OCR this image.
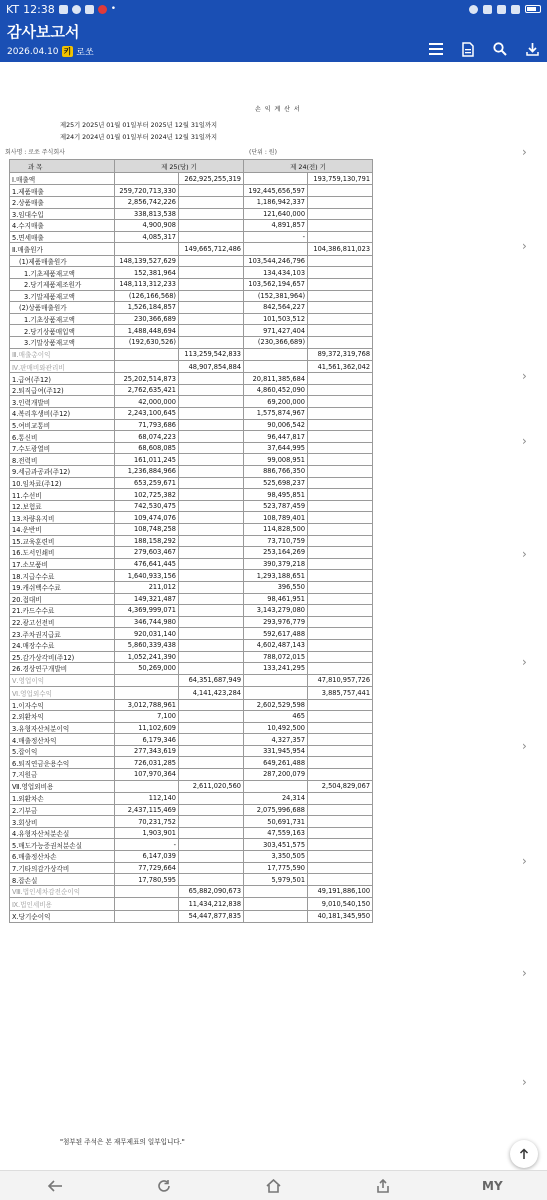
KT 12:38	•
감사보고서
2026.04.10 키 로쏘
손 익 계 산 서
제25기 2025년 01월 01일부터 2025년 12월 31일까지
제24기 2024년 01월 01일부터 2024년 12월 31일까지
회사명 : 로쏘 주식회사	(단위 : 원)
과 목	제 25(당) 기		제 24(전) 기	
Ⅰ.매출액		262,925,255,319		193,759,130,791
1.제품매출	259,720,713,330		192,445,656,597	
2.상품매출	2,856,742,226		1,186,942,337	
3.임대수입	338,813,538		121,640,000	
4.수지매출	4,900,908		4,891,857	
5.면세매출	4,085,317		-	
Ⅱ.매출원가		149,665,712,486		104,386,811,023
(1)제품매출원가	148,139,527,629		103,544,246,796	
1.기초제품재고액	152,381,964		134,434,103	
2.당기제품제조원가	148,113,312,233		103,562,194,657	
3.기말제품재고액	(126,166,568)		(152,381,964)	
(2)상품매출원가	1,526,184,857		842,564,227	
1.기초상품재고액	230,366,689		101,503,512	
2.당기상품매입액	1,488,448,694		971,427,404	
3.기말상품재고액	(192,630,526)		(230,366,689)	
Ⅲ.매출총이익		113,259,542,833		89,372,319,768
Ⅳ.판매비와관리비		48,907,854,884		41,561,362,042
1.급여(주12)	25,202,514,873		20,811,385,684	
2.퇴직급여(주12)	2,762,635,421		4,860,452,090	
3.인력개발비	42,000,000		69,200,000	
4.복리후생비(주12)	2,243,100,645		1,575,874,967	
5.여비교통비	71,793,686		90,006,542	
6.통신비	68,074,223		96,447,817	
7.수도광열비	68,608,085		37,644,995	
8.전력비	161,011,245		99,008,951	
9.세금과공과(주12)	1,236,884,966		886,766,350	
10.임차료(주12)	653,259,671		525,698,237	
11.수선비	102,725,382		98,495,851	
12.보험료	742,530,475		523,787,459	
13.차량유지비	109,474,076		108,789,401	
14.운반비	108,748,258		114,828,500	
15.교육훈련비	188,158,292		73,710,759	
16.도서인쇄비	279,603,467		253,164,269	
17.소모품비	476,641,445		390,379,218	
18.지급수수료	1,640,933,156		1,293,188,651	
19.캐쉬백수수료	211,012		396,550	
20.접대비	149,321,487		98,461,951	
21.카드수수료	4,369,999,071		3,143,279,080	
22.광고선전비	346,744,980		293,976,779	
23.주차권지급료	920,031,140		592,617,488	
24.매장수수료	5,860,339,438		4,602,487,143	
25.감가상각비(주12)	1,052,241,390		788,072,015	
26.경상연구개발비	50,269,000		133,241,295	
Ⅴ.영업이익		64,351,687,949		47,810,957,726
Ⅵ.영업외수익		4,141,423,284		3,885,757,441
1.이자수익	3,012,788,961		2,602,529,598	
2.외환차익	7,100		465	
3.유형자산처분이익	11,102,609		10,492,500	
4.매출정산차익	6,179,346		4,327,357	
5.잡이익	277,343,619		331,945,954	
6.퇴직연금운용수익	726,031,285		649,261,488	
7.지원금	107,970,364		287,200,079	
Ⅶ.영업외비용		2,611,020,560		2,504,829,067
1.외환차손	112,140		24,314	
2.기부금	2,437,115,469		2,075,996,688	
3.회상비	70,231,752		50,691,731	
4.유형자산처분손실	1,903,901		47,559,163	
5.매도가능증권처분손실	-		303,451,575	
6.매출정산차손	6,147,039		3,350,505	
7.기타의감가상각비	77,729,664		17,775,590	
8.잡손실	17,780,595		5,979,501	
Ⅷ.법인세차감전순이익		65,882,090,673		49,191,886,100
Ⅸ.법인세비용		11,434,212,838		9,010,540,150
Ⅹ.당기순이익		54,447,877,835		40,181,345,950
"첨부된 주석은 본 재무제표의 일부입니다."
›
›
›
›
›
›
›
›
›
›
MY
